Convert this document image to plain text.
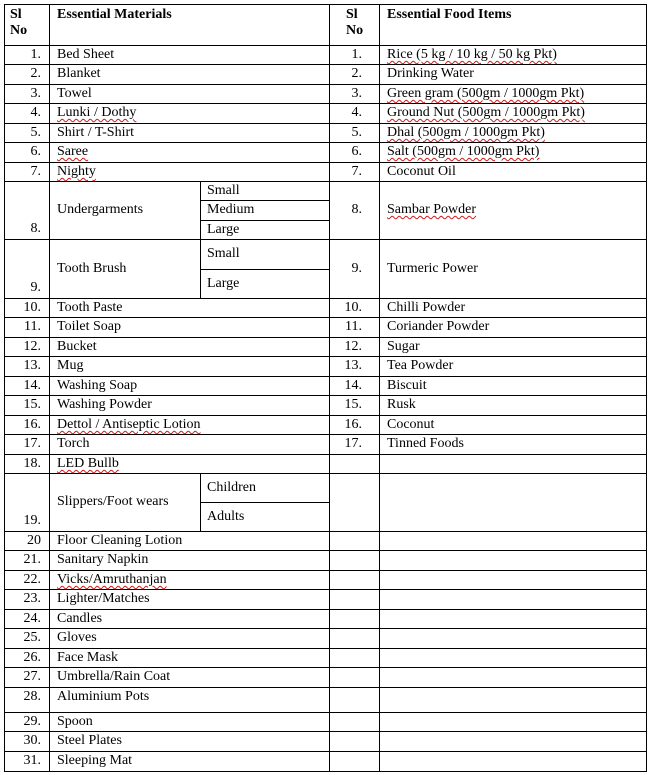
Sl
No
Essential Materials	Sl
No
Essential Food Items
1. Bed Sheet
2. Blanket
3. Towel
4. Lunki / Dothy
5. Shirt / T-Shirt
6. Saree
7. Nighty
8.
Undergarments
Small
Medium
Large
9.
Tooth Brush
Small
Large
10. Tooth Paste
11. Toilet Soap
12. Bucket
13. Mug
14. Washing Soap
15. Washing Powder
16. Dettol / Antiseptic Lotion
17. Torch
18. LED Bullb
19.
Slippers/Foot wears
Children
Adults
20 Floor Cleaning Lotion
21. Sanitary Napkin
22. Vicks/Amruthanjan
23. Lighter/Matches
24. Candles
25. Gloves
26. Face Mask
27. Umbrella/Rain Coat
28. Aluminium Pots
29. Spoon
30. Steel Plates
31. Sleeping Mat
1. Rice (5 kg / 10 kg / 50 kg Pkt)
2. Drinking Water
3. Green gram (500gm / 1000gm Pkt)
4. Ground Nut (500gm / 1000gm Pkt)
5. Dhal (500gm / 1000gm Pkt)
6. Salt (500gm / 1000gm Pkt)
7. Coconut Oil
8. Sambar Powder
9. Turmeric Power
10. Chilli Powder
11. Coriander Powder
12. Sugar
13. Tea Powder
14. Biscuit
15. Rusk
16. Coconut
17. Tinned Foods
